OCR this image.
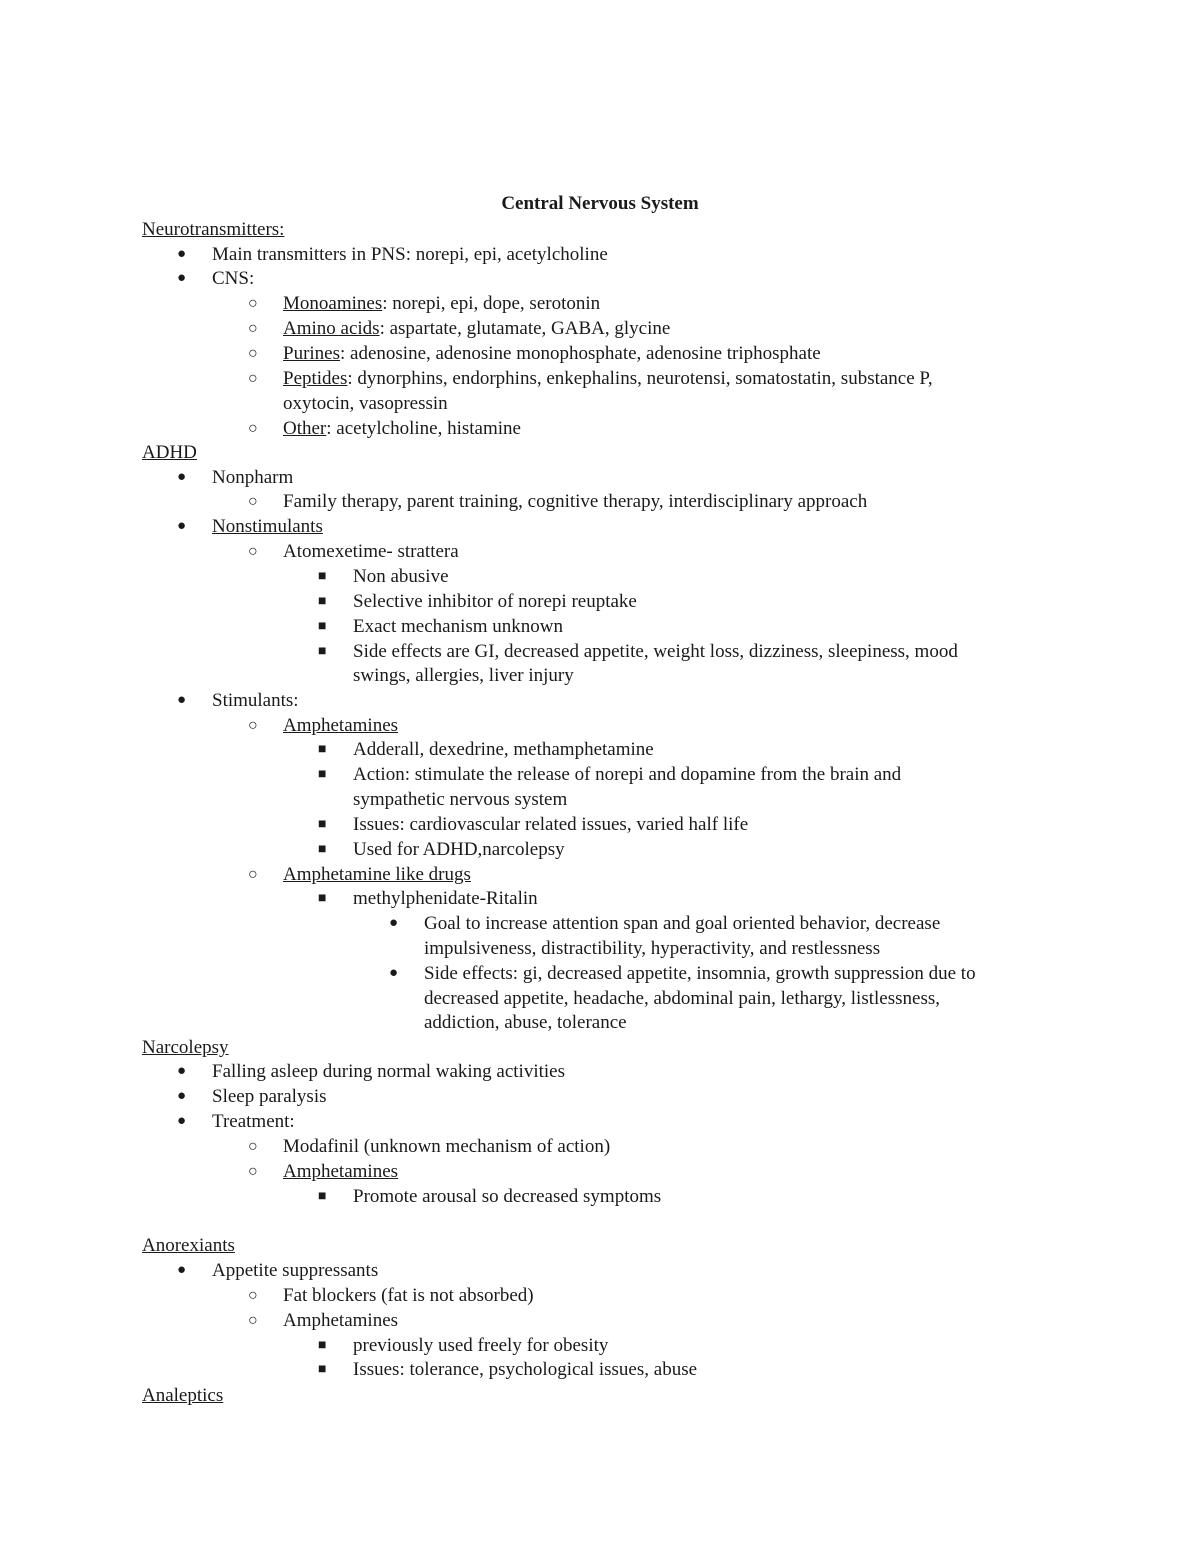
Central Nervous System
Neurotransmitters:
● Main transmitters in PNS: norepi, epi, acetylcholine
● CNS:
○ Monoamines: norepi, epi, dope, serotonin
○ Amino acids: aspartate, glutamate, GABA, glycine
○ Purines: adenosine, adenosine monophosphate, adenosine triphosphate
○ Peptides: dynorphins, endorphins, enkephalins, neurotensi, somatostatin, substance P,
oxytocin, vasopressin
○ Other: acetylcholine, histamine
ADHD
● Nonpharm
○ Family therapy, parent training, cognitive therapy, interdisciplinary approach
● Nonstimulants
○ Atomexetime- strattera
■ Non abusive
■ Selective inhibitor of norepi reuptake
■ Exact mechanism unknown
■ Side effects are GI, decreased appetite, weight loss, dizziness, sleepiness, mood
swings, allergies, liver injury
● Stimulants:
○ Amphetamines
■ Adderall, dexedrine, methamphetamine
■ Action: stimulate the release of norepi and dopamine from the brain and
sympathetic nervous system
■ Issues: cardiovascular related issues, varied half life
■ Used for ADHD,narcolepsy
○ Amphetamine like drugs
■ methylphenidate-Ritalin
● Goal to increase attention span and goal oriented behavior, decrease
impulsiveness, distractibility, hyperactivity, and restlessness
● Side effects: gi, decreased appetite, insomnia, growth suppression due to
decreased appetite, headache, abdominal pain, lethargy, listlessness,
addiction, abuse, tolerance
Narcolepsy
● Falling asleep during normal waking activities
● Sleep paralysis
● Treatment:
○ Modafinil (unknown mechanism of action)
○ Amphetamines
■ Promote arousal so decreased symptoms
Anorexiants
● Appetite suppressants
○ Fat blockers (fat is not absorbed)
○ Amphetamines
■ previously used freely for obesity
■ Issues: tolerance, psychological issues, abuse
Analeptics
